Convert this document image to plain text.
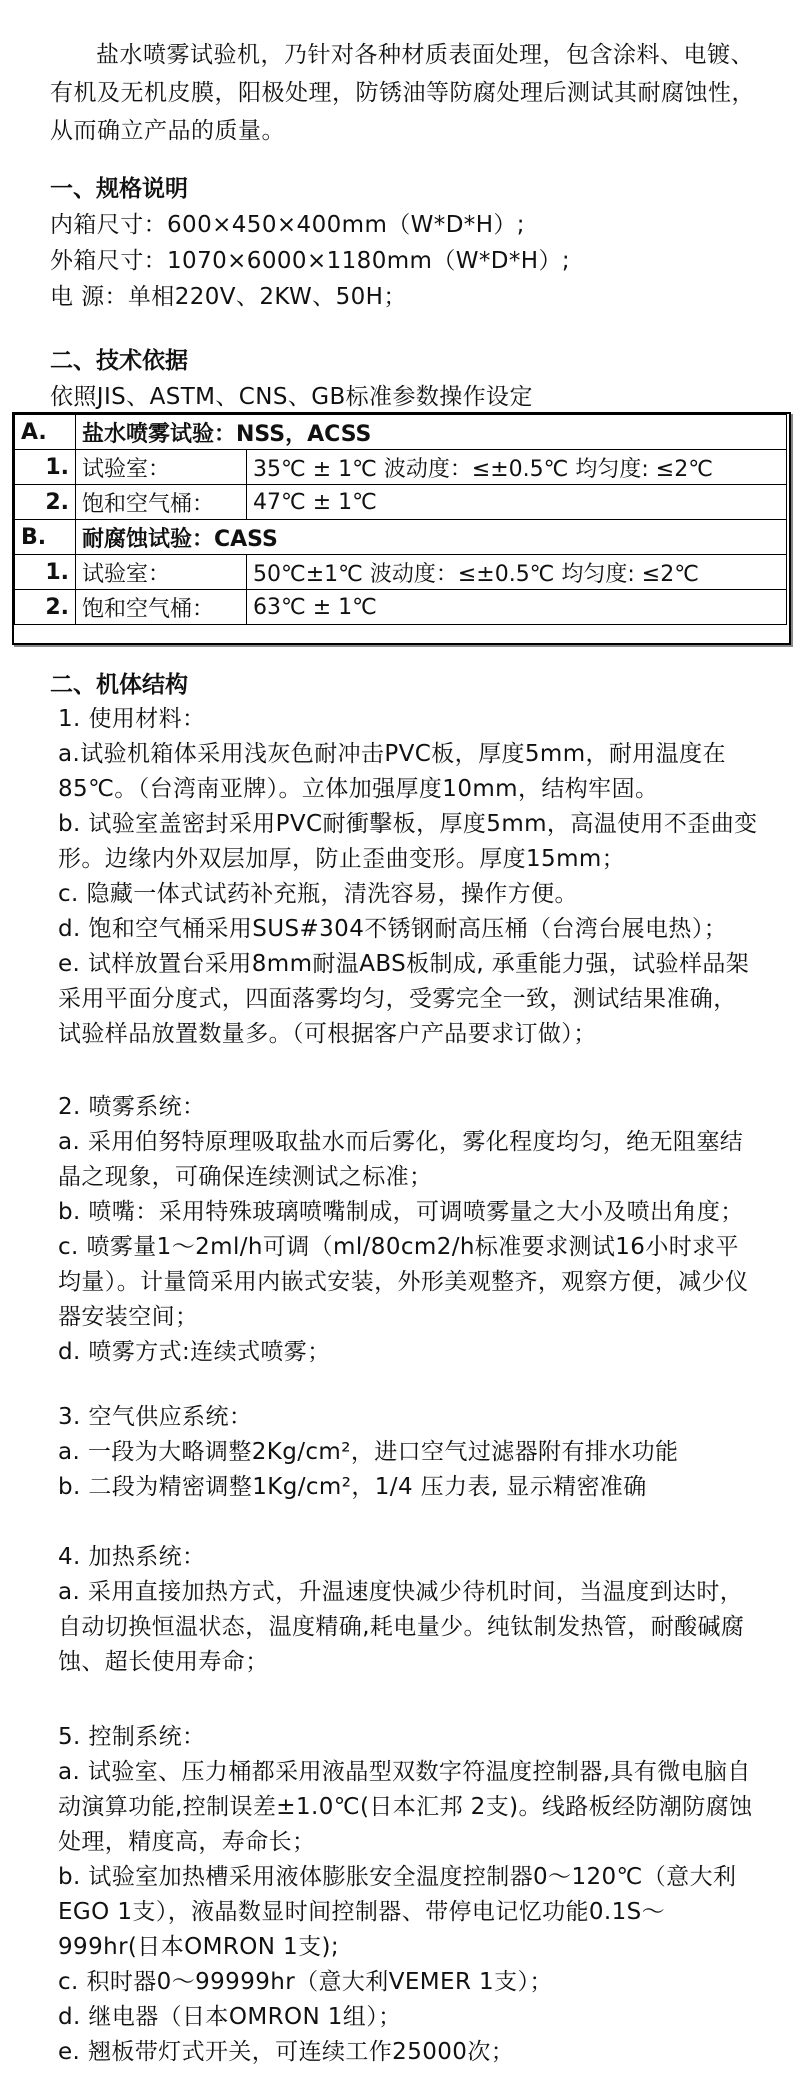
盐水喷雾试验机，乃针对各种材质表面处理，包含涂料、电镀、有机及无机皮膜，阳极处理，防锈油等防腐处理后测试其耐腐蚀性，从而确立产品的质量。
一、规格说明
内箱尺寸：600×450×400mm（W*D*H）;
外箱尺寸：1070×6000×1180mm（W*D*H）;
电 源：单相220V、2KW、50H；
二、技术依据
依照JIS、ASTM、CNS、GB标准参数操作设定
A.	盐水喷雾试验：NSS，ACSS	
1.	试验室：	35℃ ± 1℃ 波动度：≤±0.5℃ 均匀度: ≤2℃
2.	饱和空气桶：	47℃ ± 1℃
B.	耐腐蚀试验：CASS	
1.	试验室：	50℃±1℃ 波动度：≤±0.5℃ 均匀度: ≤2℃
2.	饱和空气桶：	63℃ ± 1℃
二、机体结构

1. 使用材料：

a.试验机箱体采用浅灰色耐冲击PVC板，厚度5mm，耐用温度在85℃。（台湾南亚牌）。立体加强厚度10mm，结构牢固。

b. 试验室盖密封采用PVC耐衝擊板，厚度5mm，高温使用不歪曲变形。边缘内外双层加厚，防止歪曲变形。厚度15mm；

c. 隐藏一体式试药补充瓶，清洗容易，操作方便。

d. 饱和空气桶采用SUS#304不锈钢耐高压桶（台湾台展电热）；

e. 试样放置台采用8mm耐温ABS板制成, 承重能力强，试验样品架采用平面分度式，四面落雾均匀，受雾完全一致，测试结果准确，试验样品放置数量多。（可根据客户产品要求订做）；

2. 喷雾系统：

a. 采用伯努特原理吸取盐水而后雾化，雾化程度均匀，绝无阻塞结晶之现象，可确保连续测试之标准；

b. 喷嘴：采用特殊玻璃喷嘴制成，可调喷雾量之大小及喷出角度；

c. 喷雾量1～2ml/h可调（ml/80cm2/h标准要求测试16小时求平均量）。计量筒采用内嵌式安装，外形美观整齐，观察方便，减少仪器安装空间；

d. 喷雾方式:连续式喷雾；

3. 空气供应系统：

a. 一段为大略调整2Kg/cm²，进口空气过滤器附有排水功能

b. 二段为精密调整1Kg/cm²，1/4 压力表, 显示精密准确

4. 加热系统：

a. 采用直接加热方式，升温速度快减少待机时间，当温度到达时，自动切换恒温状态，温度精确,耗电量少。纯钛制发热管，耐酸碱腐蚀、超长使用寿命；

5. 控制系统：

a. 试验室、压力桶都采用液晶型双数字符温度控制器,具有微电脑自动演算功能,控制误差±1.0℃(日本汇邦 2支)。线路板经防潮防腐蚀处理，精度高，寿命长；

b. 试验室加热槽采用液体膨胀安全温度控制器0～120℃（意大利EGO 1支），液晶数显时间控制器、带停电记忆功能0.1S～999hr(日本OMRON 1支);

c. 积时器0～99999hr（意大利VEMER 1支）；

d. 继电器（日本OMRON 1组）；

e. 翘板带灯式开关，可连续工作25000次；
